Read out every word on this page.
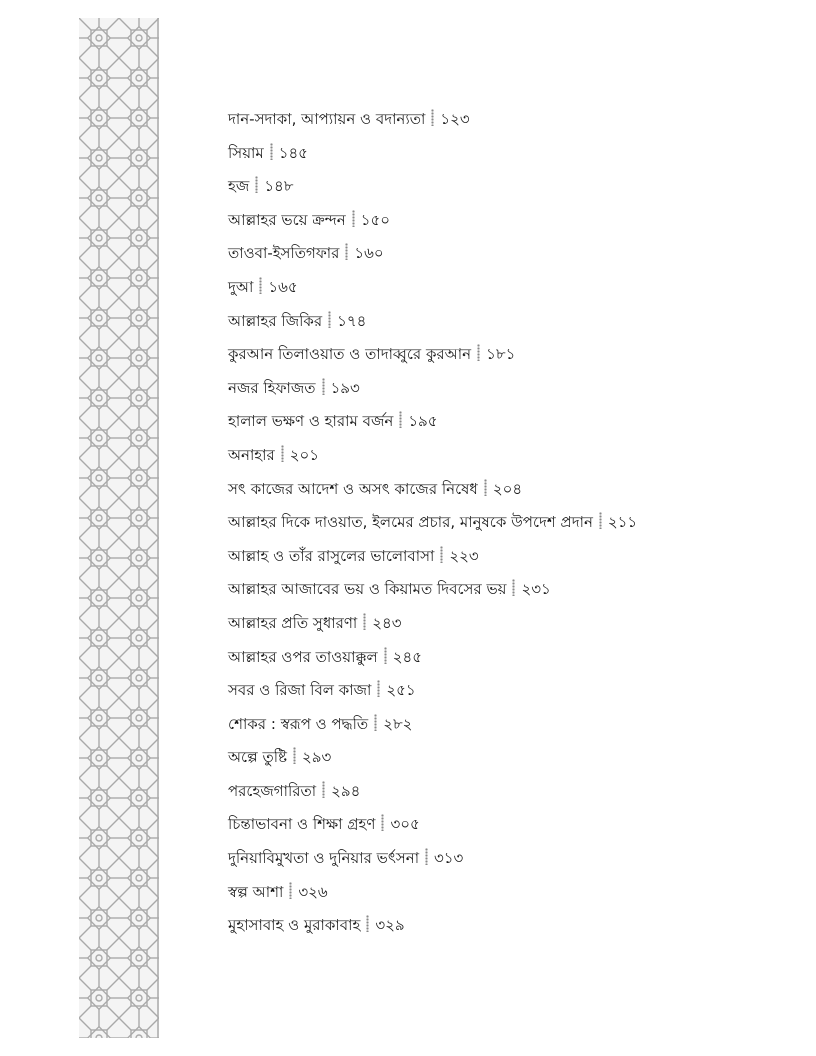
দান-সদাকা, আপ্যায়ন ও বদান্যতা ১২৩
সিয়াম ১৪৫
হজ ১৪৮
আল্লাহর ভয়ে ক্রন্দন ১৫০
তাওবা-ইসতিগফার ১৬০
দুআ ১৬৫
আল্লাহর জিকির ১৭৪
কুরআন তিলাওয়াত ও তাদাব্বুরে কুরআন ১৮১
নজর হিফাজত ১৯৩
হালাল ভক্ষণ ও হারাম বর্জন ১৯৫
অনাহার ২০১
সৎ কাজের আদেশ ও অসৎ কাজের নিষেধ ২০৪
আল্লাহর দিকে দাওয়াত, ইলমের প্রচার, মানুষকে উপদেশ প্রদান ২১১
আল্লাহ ও তাঁর রাসুলের ভালোবাসা ২২৩
আল্লাহর আজাবের ভয় ও কিয়ামত দিবসের ভয় ২৩১
আল্লাহর প্রতি সুধারণা ২৪৩
আল্লাহর ওপর তাওয়াক্কুল ২৪৫
সবর ও রিজা বিল কাজা ২৫১
শোকর : স্বরূপ ও পদ্ধতি ২৮২
অল্পে তুষ্টি ২৯৩
পরহেজগারিতা ২৯৪
চিন্তাভাবনা ও শিক্ষা গ্রহণ ৩০৫
দুনিয়াবিমুখতা ও দুনিয়ার ভর্ৎসনা ৩১৩
স্বল্প আশা ৩২৬
মুহাসাবাহ ও মুরাকাবাহ ৩২৯
